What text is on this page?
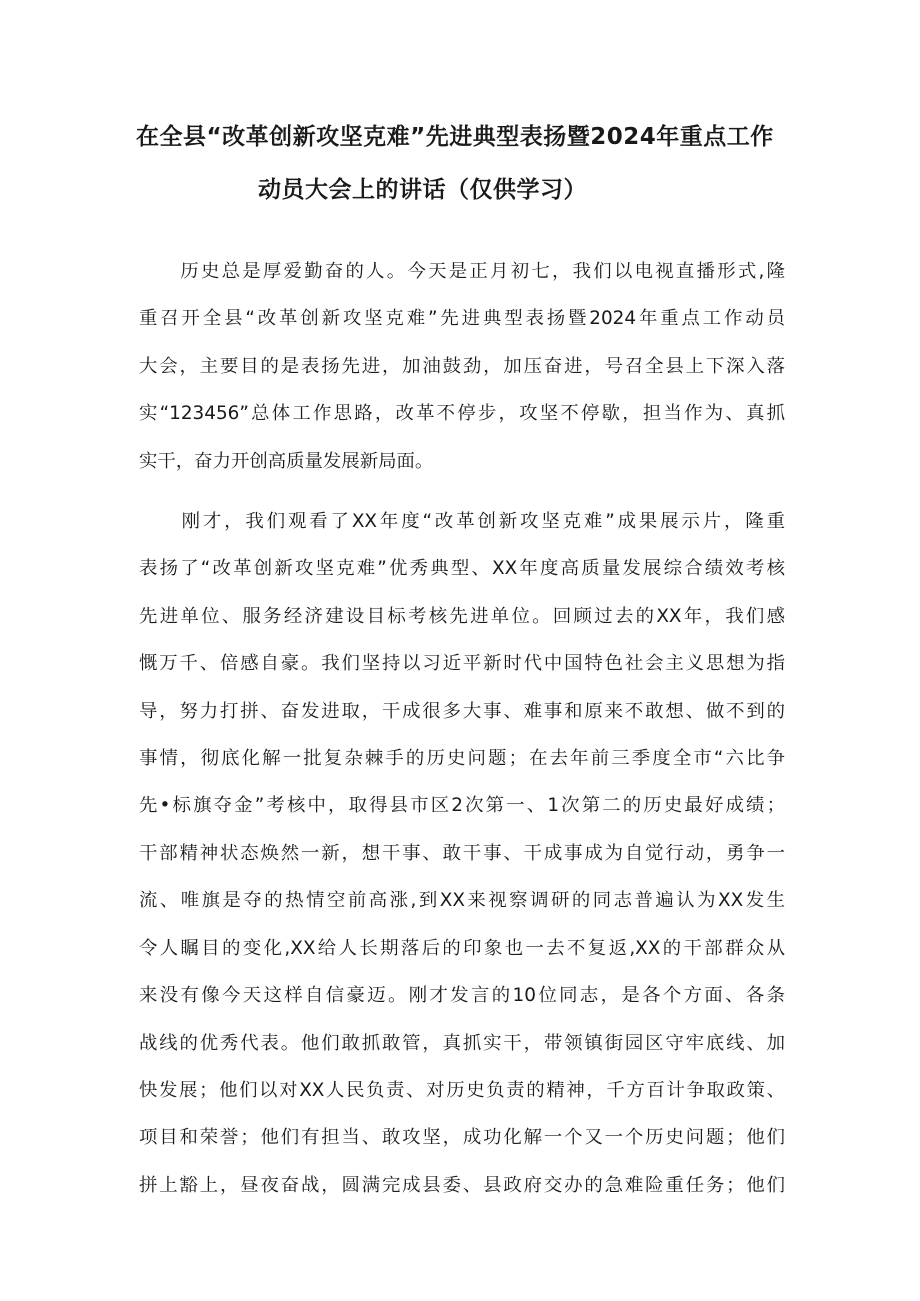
在全县“改革创新攻坚克难”先进典型表扬暨2024年重点工作
动员大会上的讲话（仅供学习）
　　历史总是厚爱勤奋的人。今天是正月初七，我们以电视直播形式,隆
重召开全县“改革创新攻坚克难”先进典型表扬暨2024年重点工作动员
大会，主要目的是表扬先进，加油鼓劲，加压奋进，号召全县上下深入落
实“123456”总体工作思路，改革不停步，攻坚不停歇，担当作为、真抓
实干，奋力开创高质量发展新局面。
　　刚才，我们观看了XX年度“改革创新攻坚克难”成果展示片，隆重
表扬了“改革创新攻坚克难”优秀典型、XX年度高质量发展综合绩效考核
先进单位、服务经济建设目标考核先进单位。回顾过去的XX年，我们感
慨万千、倍感自豪。我们坚持以习近平新时代中国特色社会主义思想为指
导，努力打拼、奋发进取，干成很多大事、难事和原来不敢想、做不到的
事情，彻底化解一批复杂棘手的历史问题；在去年前三季度全市“六比争
先•标旗夺金”考核中，取得县市区2次第一、1次第二的历史最好成绩；
干部精神状态焕然一新，想干事、敢干事、干成事成为自觉行动，勇争一
流、唯旗是夺的热情空前高涨,到XX来视察调研的同志普遍认为XX发生
令人瞩目的变化,XX给人长期落后的印象也一去不复返,XX的干部群众从
来没有像今天这样自信豪迈。刚才发言的10位同志，是各个方面、各条
战线的优秀代表。他们敢抓敢管，真抓实干，带领镇街园区守牢底线、加
快发展；他们以对XX人民负责、对历史负责的精神，千方百计争取政策、
项目和荣誉；他们有担当、敢攻坚，成功化解一个又一个历史问题；他们
拼上豁上，昼夜奋战，圆满完成县委、县政府交办的急难险重任务；他们
